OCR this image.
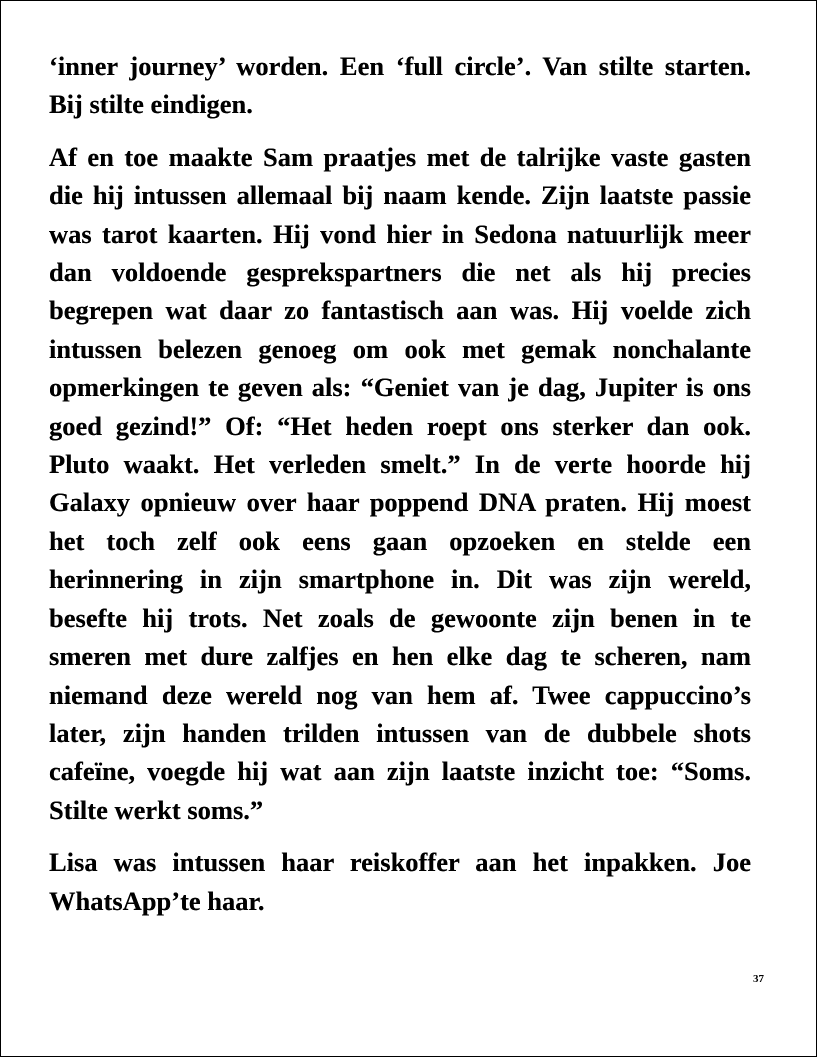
‘inner journey’ worden. Een ‘full circle’. Van stilte starten. Bij stilte eindigen.

Af en toe maakte Sam praatjes met de talrijke vaste gasten die hij intussen allemaal bij naam kende. Zijn laatste passie was tarot kaarten. Hij vond hier in Sedona natuurlijk meer dan voldoende gesprekspartners die net als hij precies begrepen wat daar zo fantastisch aan was. Hij voelde zich intussen belezen genoeg om ook met gemak nonchalante opmerkingen te geven als: “Geniet van je dag, Jupiter is ons goed gezind!” Of: “Het heden roept ons sterker dan ook. Pluto waakt. Het verleden smelt.” In de verte hoorde hij Galaxy opnieuw over haar poppend DNA praten. Hij moest het toch zelf ook eens gaan opzoeken en stelde een herinnering in zijn smartphone in. Dit was zijn wereld, besefte hij trots. Net zoals de gewoonte zijn benen in te smeren met dure zalfjes en hen elke dag te scheren, nam niemand deze wereld nog van hem af. Twee cappuccino’s later, zijn handen trilden intussen van de dubbele shots cafeïne, voegde hij wat aan zijn laatste inzicht toe: “Soms. Stilte werkt soms.”

Lisa was intussen haar reiskoffer aan het inpakken. Joe WhatsApp’te haar.

37
